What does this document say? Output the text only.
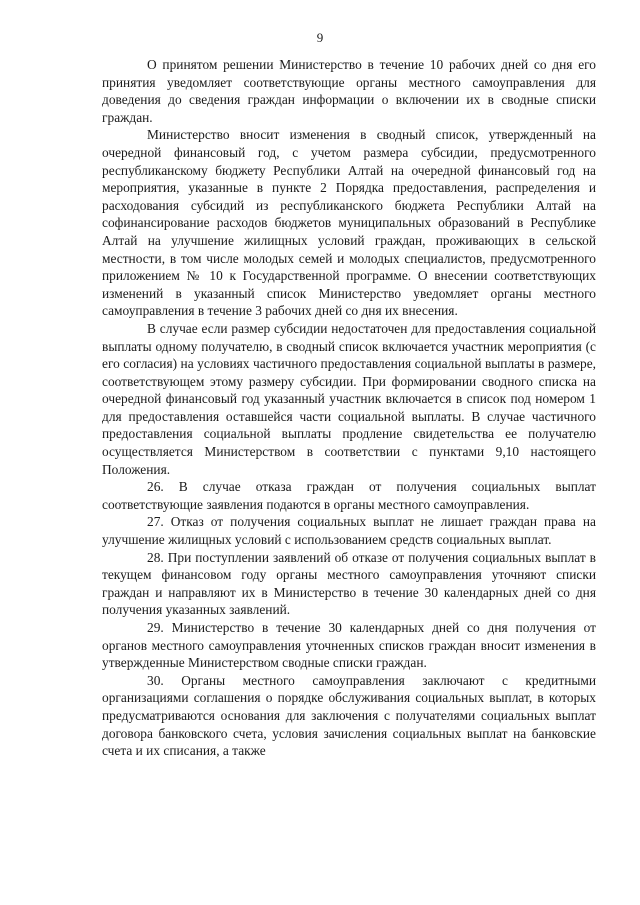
9

О принятом решении Министерство в течение 10 рабочих дней со дня его принятия уведомляет соответствующие органы местного самоуправления для доведения до сведения граждан информации о включении их в сводные списки граждан.

Министерство вносит изменения в сводный список, утвержденный на очередной финансовый год, с учетом размера субсидии, предусмотренного республиканскому бюджету Республики Алтай на очередной финансовый год на мероприятия, указанные в пункте 2 Порядка предоставления, распределения и расходования субсидий из республиканского бюджета Республики Алтай на софинансирование расходов бюджетов муниципальных образований в Республике Алтай на улучшение жилищных условий граждан, проживающих в сельской местности, в том числе молодых семей и молодых специалистов, предусмотренного приложением № 10 к Государственной программе. О внесении соответствующих изменений в указанный список Министерство уведомляет органы местного самоуправления в течение 3 рабочих дней со дня их внесения.

В случае если размер субсидии недостаточен для предоставления социальной выплаты одному получателю, в сводный список включается участник мероприятия (с его согласия) на условиях частичного предоставления социальной выплаты в размере, соответствующем этому размеру субсидии. При формировании сводного списка на очередной финансовый год указанный участник включается в список под номером 1 для предоставления оставшейся части социальной выплаты. В случае частичного предоставления социальной выплаты продление свидетельства ее получателю осуществляется Министерством в соответствии с пунктами 9,10 настоящего Положения.

26. В случае отказа граждан от получения социальных выплат соответствующие заявления подаются в органы местного самоуправления.

27. Отказ от получения социальных выплат не лишает граждан права на улучшение жилищных условий с использованием средств социальных выплат.

28. При поступлении заявлений об отказе от получения социальных выплат в текущем финансовом году органы местного самоуправления уточняют списки граждан и направляют их в Министерство в течение 30 календарных дней со дня получения указанных заявлений.

29. Министерство в течение 30 календарных дней со дня получения от органов местного самоуправления уточненных списков граждан вносит изменения в утвержденные Министерством сводные списки граждан.

30. Органы местного самоуправления заключают с кредитными организациями соглашения о порядке обслуживания социальных выплат, в которых предусматриваются основания для заключения с получателями социальных выплат договора банковского счета, условия зачисления социальных выплат на банковские счета и их списания, а также
